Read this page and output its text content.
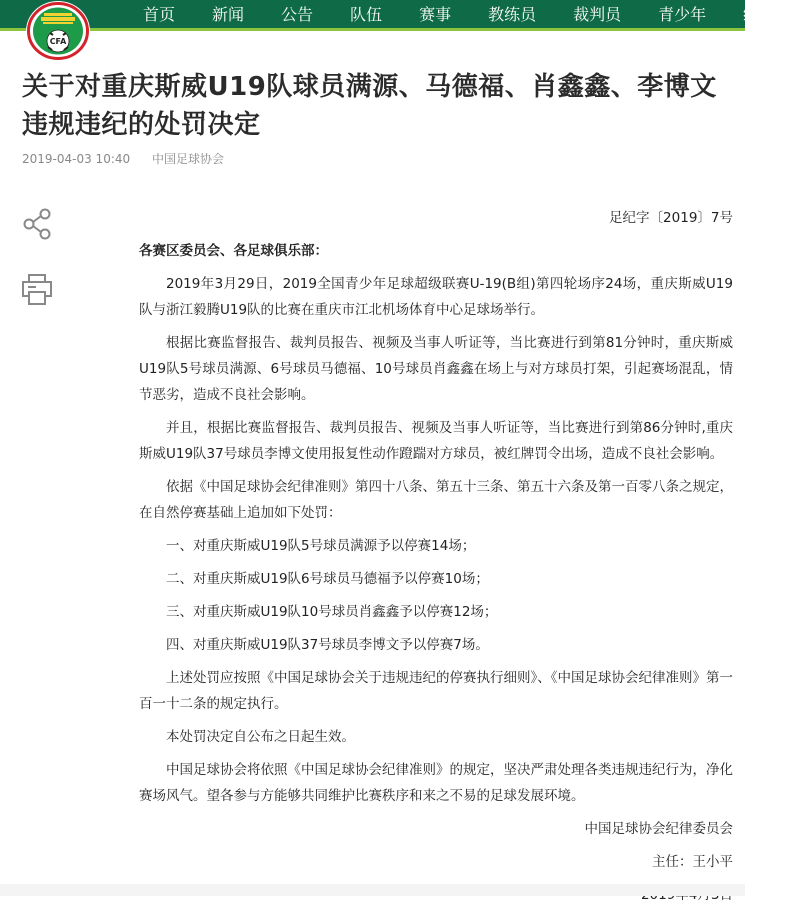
首页	新闻	公告	队伍	赛事	教练员	裁判员	青少年	绿茵
CFA
关于对重庆斯威U19队球员满源、马德福、肖鑫鑫、李博文违规违纪的处罚决定
2019-04-03 10:40 中国足球协会
足纪字〔2019〕7号
各赛区委员会、各足球俱乐部：

2019年3月29日，2019全国青少年足球超级联赛U-19(B组)第四轮场序24场，重庆斯威U19队与浙江毅腾U19队的比赛在重庆市江北机场体育中心足球场举行。

根据比赛监督报告、裁判员报告、视频及当事人听证等，当比赛进行到第81分钟时，重庆斯威U19队5号球员满源、6号球员马德福、10号球员肖鑫鑫在场上与对方球员打架，引起赛场混乱，情节恶劣，造成不良社会影响。

并且，根据比赛监督报告、裁判员报告、视频及当事人听证等，当比赛进行到第86分钟时,重庆斯威U19队37号球员李博文使用报复性动作蹬踹对方球员，被红牌罚令出场，造成不良社会影响。

依据《中国足球协会纪律准则》第四十八条、第五十三条、第五十六条及第一百零八条之规定，在自然停赛基础上追加如下处罚：

一、对重庆斯威U19队5号球员满源予以停赛14场；

二、对重庆斯威U19队6号球员马德福予以停赛10场；

三、对重庆斯威U19队10号球员肖鑫鑫予以停赛12场；

四、对重庆斯威U19队37号球员李博文予以停赛7场。

上述处罚应按照《中国足球协会关于违规违纪的停赛执行细则》、《中国足球协会纪律准则》第一百一十二条的规定执行。

本处罚决定自公布之日起生效。

中国足球协会将依照《中国足球协会纪律准则》的规定，坚决严肃处理各类违规违纪行为，净化赛场风气。望各参与方能够共同维护比赛秩序和来之不易的足球发展环境。

中国足球协会纪律委员会
主任：王小平
